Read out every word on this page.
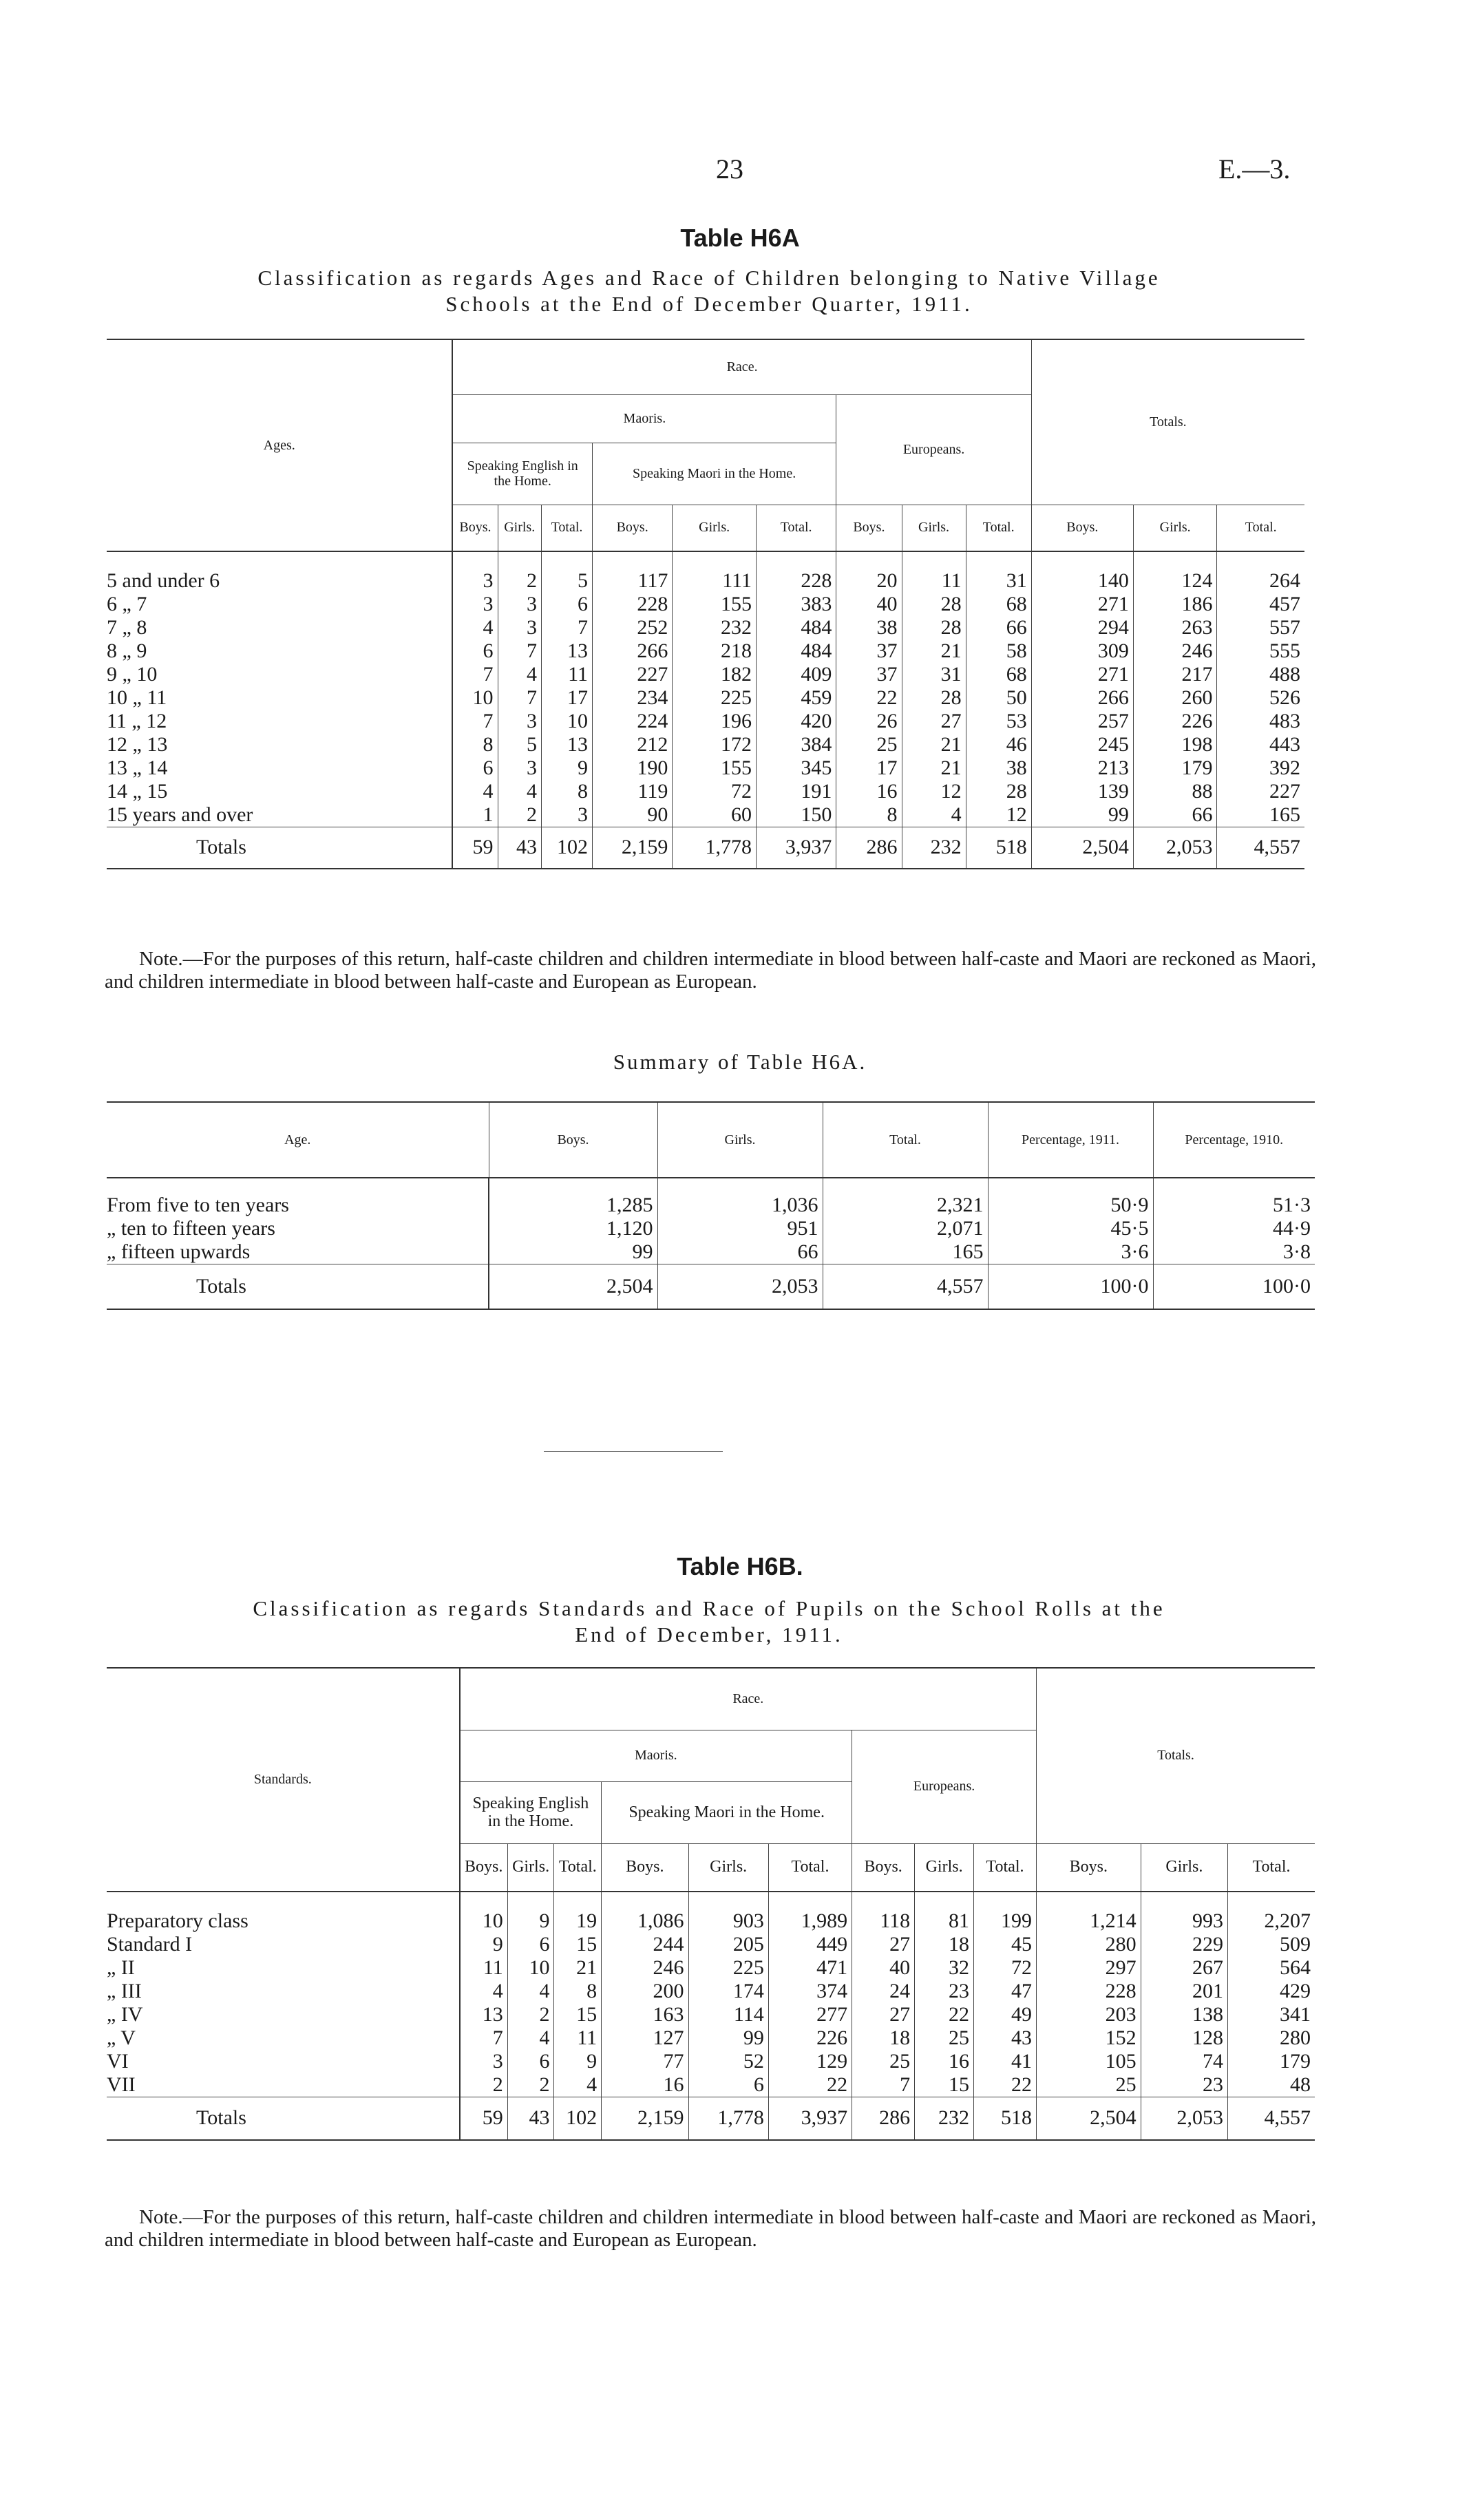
23	E.—3.
Table H6A
Classification as regards Ages and Race of Children belonging to Native Village
Schools at the End of December Quarter, 1911.
Ages.	Race.									Totals.		
	Maoris.						Europeans.					
	Speaking English in the Home.			Speaking Maori in the Home.								
	Boys.	Girls.	Total.	Boys.	Girls.	Total.	Boys.	Girls.	Total.	Boys.	Girls.	Total.
5 and under 6	3	2	5	117	111	228	20	11	31	140	124	264
6 „ 7	3	3	6	228	155	383	40	28	68	271	186	457
7 „ 8	4	3	7	252	232	484	38	28	66	294	263	557
8 „ 9	6	7	13	266	218	484	37	21	58	309	246	555
9 „ 10	7	4	11	227	182	409	37	31	68	271	217	488
10 „ 11	10	7	17	234	225	459	22	28	50	266	260	526
11 „ 12	7	3	10	224	196	420	26	27	53	257	226	483
12 „ 13	8	5	13	212	172	384	25	21	46	245	198	443
13 „ 14	6	3	9	190	155	345	17	21	38	213	179	392
14 „ 15	4	4	8	119	72	191	16	12	28	139	88	227
15 years and over	1	2	3	90	60	150	8	4	12	99	66	165
Totals	59	43	102	2,159	1,778	3,937	286	232	518	2,504	2,053	4,557
Note.—For the purposes of this return, half-caste children and children intermediate in blood between half-caste and Maori are reckoned as Maori, and children intermediate in blood between half-caste and European as European.
Summary of Table H6A.
Age.	Boys.	Girls.	Total.	Percentage, 1911.	Percentage, 1910.
From five to ten years	1,285	1,036	2,321	50·9	51·3
„ ten to fifteen years	1,120	951	2,071	45·5	44·9
„ fifteen upwards	99	66	165	3·6	3·8
Totals	2,504	2,053	4,557	100·0	100·0
Table H6B.
Classification as regards Standards and Race of Pupils on the School Rolls at the
End of December, 1911.
Standards.	Race.									Totals.		
	Maoris.						Europeans.					
	Speaking English in the Home.			Speaking Maori in the Home.								
	Boys.	Girls.	Total.	Boys.	Girls.	Total.	Boys.	Girls.	Total.	Boys.	Girls.	Total.
Preparatory class	10	9	19	1,086	903	1,989	118	81	199	1,214	993	2,207
Standard I	9	6	15	244	205	449	27	18	45	280	229	509
„ II	11	10	21	246	225	471	40	32	72	297	267	564
„ III	4	4	8	200	174	374	24	23	47	228	201	429
„ IV	13	2	15	163	114	277	27	22	49	203	138	341
„ V	7	4	11	127	99	226	18	25	43	152	128	280
VI	3	6	9	77	52	129	25	16	41	105	74	179
VII	2	2	4	16	6	22	7	15	22	25	23	48
Totals	59	43	102	2,159	1,778	3,937	286	232	518	2,504	2,053	4,557
Note.—For the purposes of this return, half-caste children and children intermediate in blood between half-caste and Maori are reckoned as Maori, and children intermediate in blood between half-caste and European as European.
